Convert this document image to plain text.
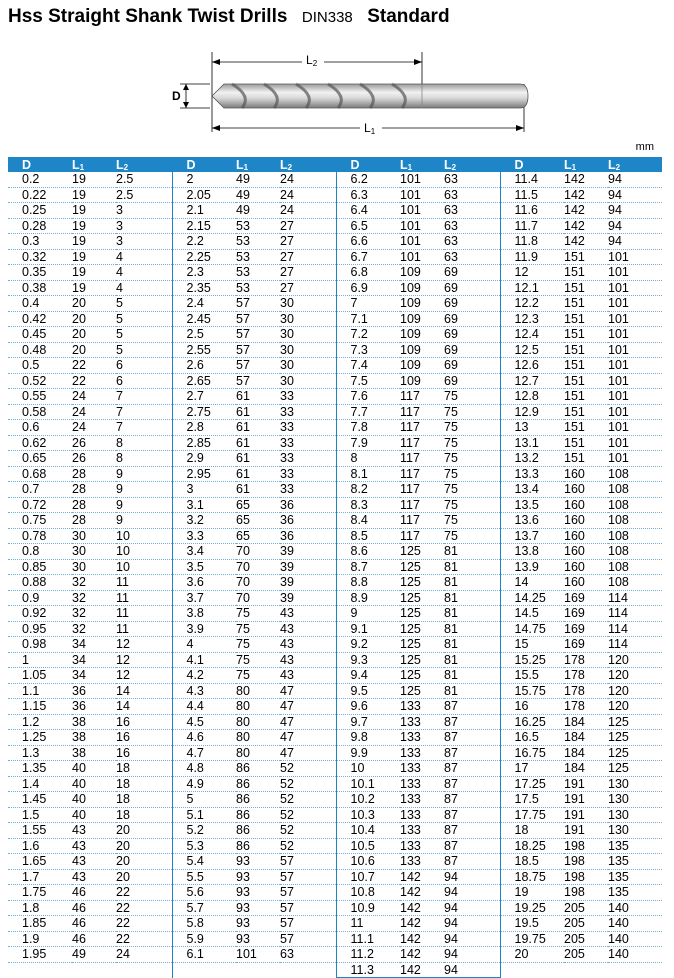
Hss Straight Shank Twist Drills DIN338 Standard
L2
L1
D
mm
D	$L_1$	$L_2$	D	$L_1$	$L_2$	D	$L_1$	$L_2$	D	$L_1$	$L_2$
0.2	19	2.5	2	49	24	6.2	101	63	11.4	142	94
0.22	19	2.5	2.05	49	24	6.3	101	63	11.5	142	94
0.25	19	3	2.1	49	24	6.4	101	63	11.6	142	94
0.28	19	3	2.15	53	27	6.5	101	63	11.7	142	94
0.3	19	3	2.2	53	27	6.6	101	63	11.8	142	94
0.32	19	4	2.25	53	27	6.7	101	63	11.9	151	101
0.35	19	4	2.3	53	27	6.8	109	69	12	151	101
0.38	19	4	2.35	53	27	6.9	109	69	12.1	151	101
0.4	20	5	2.4	57	30	7	109	69	12.2	151	101
0.42	20	5	2.45	57	30	7.1	109	69	12.3	151	101
0.45	20	5	2.5	57	30	7.2	109	69	12.4	151	101
0.48	20	5	2.55	57	30	7.3	109	69	12.5	151	101
0.5	22	6	2.6	57	30	7.4	109	69	12.6	151	101
0.52	22	6	2.65	57	30	7.5	109	69	12.7	151	101
0.55	24	7	2.7	61	33	7.6	117	75	12.8	151	101
0.58	24	7	2.75	61	33	7.7	117	75	12.9	151	101
0.6	24	7	2.8	61	33	7.8	117	75	13	151	101
0.62	26	8	2.85	61	33	7.9	117	75	13.1	151	101
0.65	26	8	2.9	61	33	8	117	75	13.2	151	101
0.68	28	9	2.95	61	33	8.1	117	75	13.3	160	108
0.7	28	9	3	61	33	8.2	117	75	13.4	160	108
0.72	28	9	3.1	65	36	8.3	117	75	13.5	160	108
0.75	28	9	3.2	65	36	8.4	117	75	13.6	160	108
0.78	30	10	3.3	65	36	8.5	117	75	13.7	160	108
0.8	30	10	3.4	70	39	8.6	125	81	13.8	160	108
0.85	30	10	3.5	70	39	8.7	125	81	13.9	160	108
0.88	32	11	3.6	70	39	8.8	125	81	14	160	108
0.9	32	11	3.7	70	39	8.9	125	81	14.25	169	114
0.92	32	11	3.8	75	43	9	125	81	14.5	169	114
0.95	32	11	3.9	75	43	9.1	125	81	14.75	169	114
0.98	34	12	4	75	43	9.2	125	81	15	169	114
1	34	12	4.1	75	43	9.3	125	81	15.25	178	120
1.05	34	12	4.2	75	43	9.4	125	81	15.5	178	120
1.1	36	14	4.3	80	47	9.5	125	81	15.75	178	120
1.15	36	14	4.4	80	47	9.6	133	87	16	178	120
1.2	38	16	4.5	80	47	9.7	133	87	16.25	184	125
1.25	38	16	4.6	80	47	9.8	133	87	16.5	184	125
1.3	38	16	4.7	80	47	9.9	133	87	16.75	184	125
1.35	40	18	4.8	86	52	10	133	87	17	184	125
1.4	40	18	4.9	86	52	10.1	133	87	17.25	191	130
1.45	40	18	5	86	52	10.2	133	87	17.5	191	130
1.5	40	18	5.1	86	52	10.3	133	87	17.75	191	130
1.55	43	20	5.2	86	52	10.4	133	87	18	191	130
1.6	43	20	5.3	86	52	10.5	133	87	18.25	198	135
1.65	43	20	5.4	93	57	10.6	133	87	18.5	198	135
1.7	43	20	5.5	93	57	10.7	142	94	18.75	198	135
1.75	46	22	5.6	93	57	10.8	142	94	19	198	135
1.8	46	22	5.7	93	57	10.9	142	94	19.25	205	140
1.85	46	22	5.8	93	57	11	142	94	19.5	205	140
1.9	46	22	5.9	93	57	11.1	142	94	19.75	205	140
1.95	49	24	6.1	101	63	11.2	142	94	20	205	140
						11.3	142	94			
